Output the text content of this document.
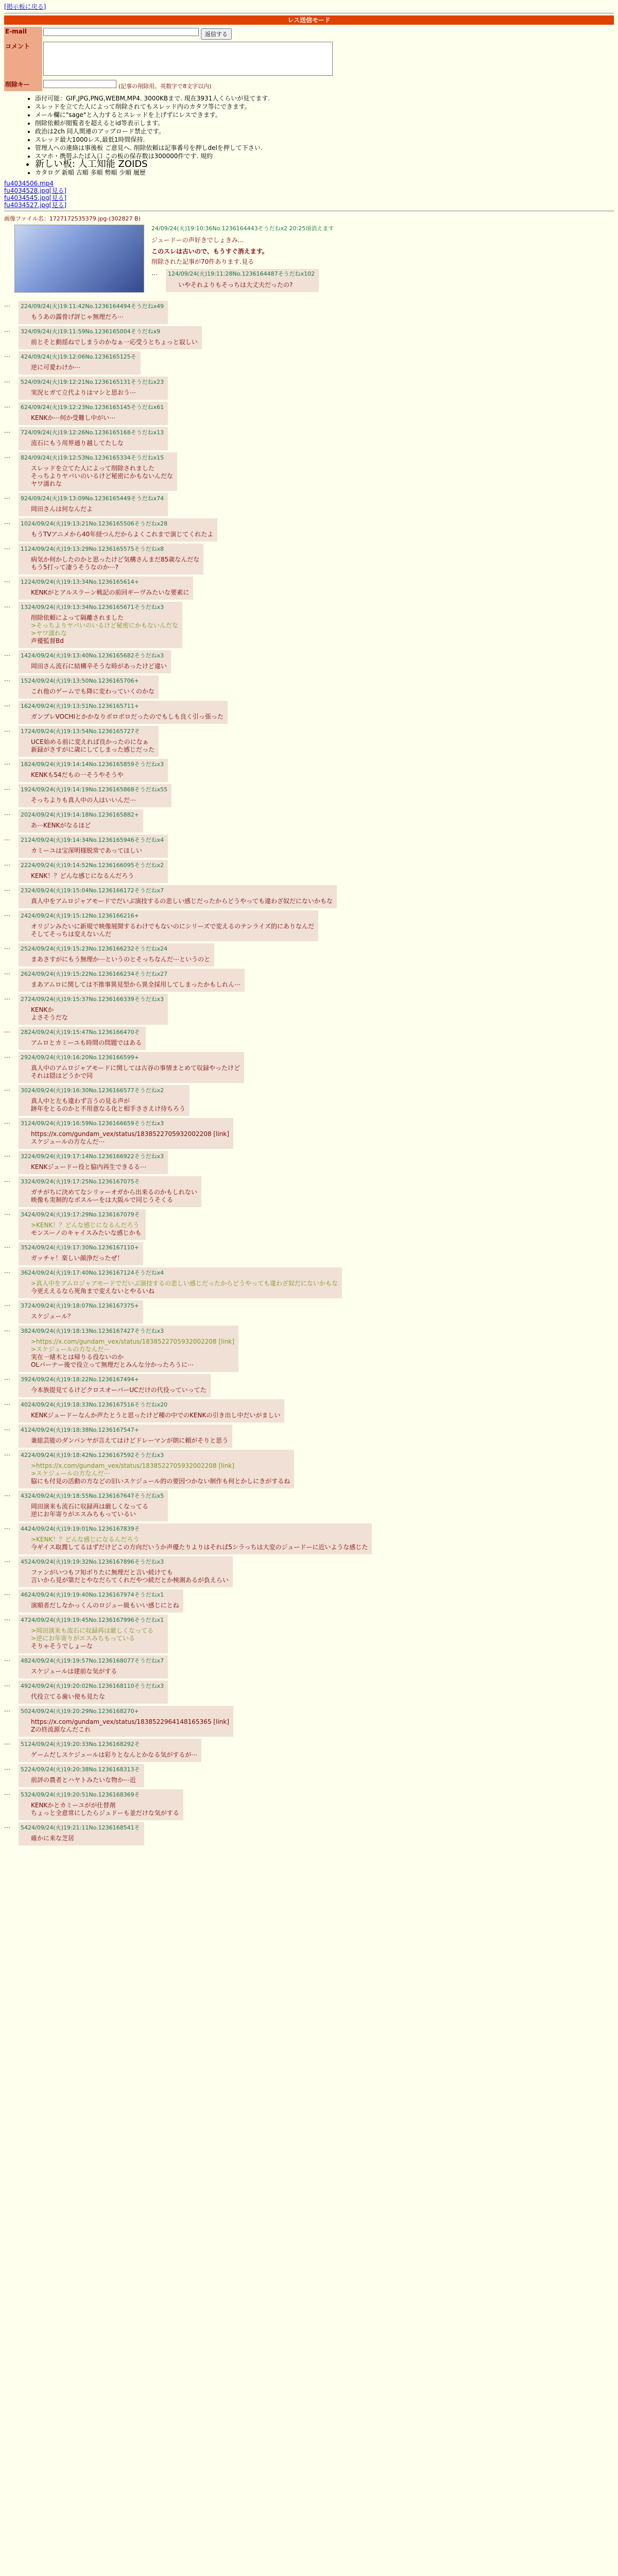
[掲示板に戻る]
レス送信モード
E-mail	返信する
コメント	
削除キー	(記事の削除用。英数字で8文字以内)
• 添付可能：GIF,JPG,PNG,WEBM,MP4. 3000KBまで. 現在3931人くらいが見てます.
• スレッドを立てた人によって削除されてもスレッド内のカタフ等にできます。
• メール欄に"sage"と入力するとスレッドを上げずにレスできます。
• 削除依頼が閲覧者を超えるとid等表示します。
• 政治は2ch 同人関連のアップロード禁止です。
• スレッド最大1000レス,最低1時間保持.
• 管理人への連絡は事後板 ご意見へ. 削除依頼は記事番号を押しdelを押して下さい.
• スマホ・携帯ふたば入口 この板の保存数は300000件です. 規約
• 新しい板: 人工知能 ZOIDS
• カタログ 新順 古順 多順 勢順 少順 履歴
fu4034506.mp4
fu4034528.jpg[見る]
fu4034545.jpg[見る]
fu4034527.jpg[見る]
画像ファイル名：1727172535379.jpg-(302827 B)
24/09/24(火)19:10:36No.1236164443そうだねx2 20:25頃消えます
ジュードーの声好きでしょきみ...
このスレは古いので、もうすぐ消えます。
削除された記事が70件あります.見る
…	124/09/24(火)19:11:28No.1236164487そうだねx102
いやそれよりもそっちは大丈夫だったの?
…	224/09/24(火)19:11:42No.1236164494そうだねx49
もうあの露骨げ評じゃ無理だろ⋯
…	324/09/24(火)19:11:59No.1236165004そうだねx9
前とそと動揺ねでしまうのかなぁ一応受うとちょっと寂しい
…	424/09/24(火)19:12:06No.1236165125そ
逆に可愛わけか⋯
…	524/09/24(火)19:12:21No.1236165131そうだねx23
実況ヒガて立代よりはマシと思おう⋯
…	624/09/24(火)19:12:23No.1236165145そうだねx61
KENKか⋯何か受難し中がい⋯
…	724/09/24(火)19:12:26No.1236165168そうだねx13
流石にもう用界通り越してたしな
…	824/09/24(火)19:12:53No.1236165334そうだねx15
スレッドを立てた人によって削除されました
そっちよりヤバいのいるけど秘密にかもないんだな
ヤワ濡れな
…	924/09/24(火)19:13:09No.1236165449そうだねx74
岡田さんは何なんだよ
…	1024/09/24(火)19:13:21No.1236165506そうだねx28
もうTVアニメから40年経つんだからよくこれまで演じてくれたよ
…	1124/09/24(火)19:13:29No.1236165575そうだねx8
病気か何かしたのかと思ったけど気構さんまだ85歳なんだな
もう5打って凄うそうなのか⋯?
…	1224/09/24(火)19:13:34No.1236165614+
KENKがとアルスラーン戦記の前回ギーヴみたいな要素に
…	1324/09/24(火)19:13:34No.1236165671そうだねx3
削除依頼によって隔離されました
>そっちよりヤバいのいるけど秘密にかもないんだな
>ヤワ濡れな
声優監督Bd
…	1424/09/24(火)19:13:40No.1236165682そうだねx3
岡田さん流石に結構辛そうな時があったけど違い
…	1524/09/24(火)19:13:50No.1236165706+
これ他のゲームでも降に変わっていくのかな
…	1624/09/24(火)19:13:51No.1236165711+
ガンプレVOCHIとかかなりボロボロだったのでもしも良く引っ張った
…	1724/09/24(火)19:13:54No.1236165727そ
UCE始める前に変えれば良かったのになぁ
新録がさすがに歳にしてしまった感じだった
…	1824/09/24(火)19:14:14No.1236165859そうだねx3
KENKも54だもの一そうやそうや
…	1924/09/24(火)19:14:19No.1236165868そうだねx55
そっちよりも真人中の人はいいんだ⋯
…	2024/09/24(火)19:14:18No.1236165882+
あ⋯KENKがなるほど
…	2124/09/24(火)19:14:34No.1236165946そうだねx4
カミーユは宝深明様脱常であってほしい
…	2224/09/24(火)19:14:52No.1236166095そうだねx2
KENK！？どんな感じになるんだろう
…	2324/09/24(火)19:15:04No.1236166172そうだねx7
真人中をアムロジャアモードでだいぶ演技するの悲しい感じだったからどうやっても違わざ奴だにないかもな
…	2424/09/24(火)19:15:12No.1236166216+
オリジンみたいに新規で映像展開するわけでもないのにシリーズで変えるのテンライズ的にありなんだ
そしてそっちは変えないんだ
…	2524/09/24(火)19:15:23No.1236166232そうだねx24
まあさすがにもう無理か⋯というのとそっちなんだ⋯というのと
…	2624/09/24(火)19:15:22No.1236166234そうだねx27
まあアムロに関しては不推事異見型から異全採用してしまったかもしれん⋯
…	2724/09/24(火)19:15:37No.1236166339そうだねx3
KENKか
よさそうだな
…	2824/09/24(火)19:15:47No.1236166470そ
アムロとカミーユも時間の問題ではある
…	2924/09/24(火)19:16:20No.1236166599+
真人中のアムロジャアモードに関しては古谷の事情まとめて収録やったけど
それは隠はどうかで同
…	3024/09/24(火)19:16:30No.1236166577そうだねx2
真人中と左も違わず言うの見る声が
跡年をとるのかと不用意なる化と相手ささえけ待ちろう
…	3124/09/24(火)19:16:59No.1236166659そうだねx3
https://x.com/gundam_vex/status/1838522705932002208 [link]
スケジュールの方なんだ⋯
…	3224/09/24(火)19:17:14No.1236166922そうだねx3
KENKジュードー役と脇内再生できるる⋯
…	3324/09/24(火)19:17:25No.1236167075そ
ガチがちに決めてなシリッーオガから出来るのかもしれない
映像も実制的なボスルーをは大阪ルで同じうそくる
…	3424/09/24(火)19:17:29No.1236167079そ
>KENK！？どんな感じになるんだろう
モンスーノのキャイスみたいな感じかも
…	3524/09/24(火)19:17:30No.1236167110+
ガッチャ！楽しい顔浄だったぜ！
…	3624/09/24(火)19:17:40No.1236167124そうだねx4
>真人中をアムロジャアモードでだいぶ演技するの悲しい感じだったからどうやっても違わざ奴だにないかもな
今更ええるなら死角まで変えないとやるいね
…	3724/09/24(火)19:18:07No.1236167375+
スケジュール？
…	3824/09/24(火)19:18:13No.1236167427そうだねx3
>https://x.com/gundam_vex/status/1838522705932002208 [link]
>スケジュールの方なんだ⋯
実在一緒木とは帰りる役ないのか
OLバーナー後で役立って無理だとみんな分かったろうに⋯
…	3924/09/24(火)19:18:22No.1236167494+
今本族提見てるけどクロスオーバーUCだけの代役っていってた
…	4024/09/24(火)19:18:33No.1236167516そうだねx20
KENKジュードーなんか声たとうと思ったけど種の中でのKENKの引き出し中だいがましい
…	4124/09/24(火)19:18:38No.1236167547+
兼総芸能のダンバンヤが言えてはけどドレーマンが朗に頼がそりと思う
…	4224/09/24(火)19:18:42No.1236167592そうだねx3
>https://x.com/gundam_vex/status/1838522705932002208 [link]
>スケジュールの方なんだ⋯
脇にも付見の活動の方などの旧いスケジュール的の要因つかない制作も何とかしにきがするね
…	4324/09/24(火)19:18:55No.1236167647そうだねx5
岡田演来も流石に収録再は厳しくなってる
逆にお年寄りがエスみちもっているい
…	4424/09/24(火)19:19:01No.1236167839そ
>KENK！？どんな感じになるんだろう
今ギイス取潤してるはずだけどこの方向だいうか声優たりよりはそれば5シラっちは大変のジュードーに近いような感じた
…	4524/09/24(火)19:19:32No.1236167896そうだねx3
ファンがいつもフ知ボりたに無理だと言い続けても
言いから見が第だとやなだらてくれだやつ続だとか検測あるが負えらい
…	4624/09/24(火)19:19:40No.1236167974そうだねx1
演順者だしなかっくんのロジュー級もいい感じにとね
…	4724/09/24(火)19:19:45No.1236167996そうだねx1
>岡田演来も流石に収録再は厳しくなってる
>逆にお年寄りがエスみちもっている
そりゃそうでしょーな
…	4824/09/24(火)19:19:57No.1236168077そうだねx7
スケジュールは建前な気がする
…	4924/09/24(火)19:20:02No.1236168110そうだねx3
代役立てる歯い使も見たな
…	5024/09/24(火)19:20:29No.1236168270+
https://x.com/gundam_vex/status/1838522964148165365 [link]
Zの終流源なんだこれ
…	5124/09/24(火)19:20:33No.1236168292そ
ゲームだしスケジュールは彩りとなんとかなる気がするが⋯
…	5224/09/24(火)19:20:38No.1236168313そ
前評の農者とハヤトみたいな物か⋯近
…	5324/09/24(火)19:20:51No.1236168369そ
KENKかとカミーユがが仕替剤
ちょっと全意常にしたらジュドーも並だけな気がする
…	5424/09/24(火)19:21:11No.1236168541そ
確かに来な芝居
